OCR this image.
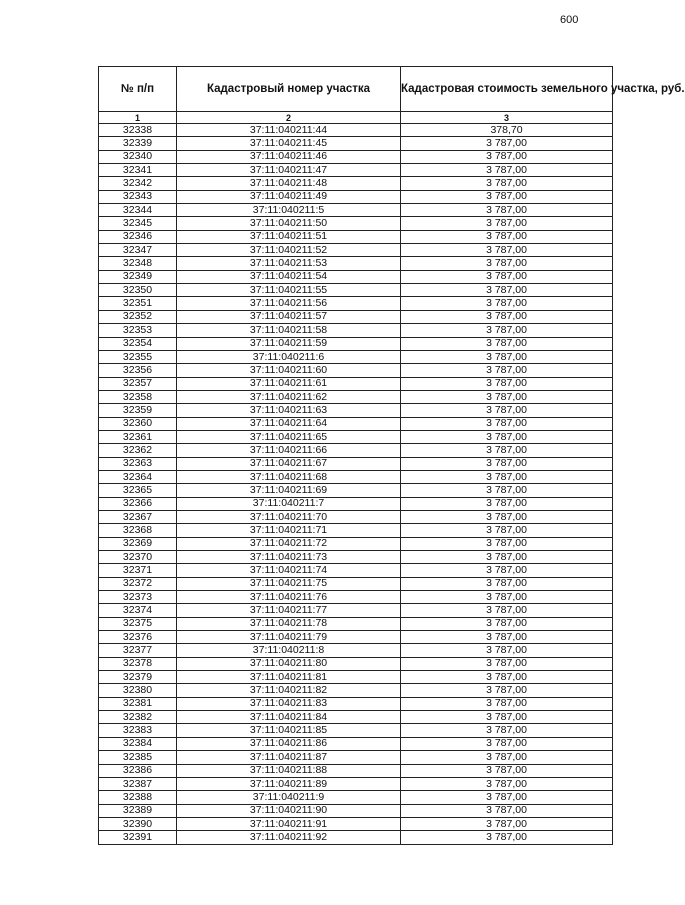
600
№ п/п	Кадастровый номер участка	Кадастровая стоимость земельного участка, руб.
1	2	3
32338	37:11:040211:44	378,70
32339	37:11:040211:45	3 787,00
32340	37:11:040211:46	3 787,00
32341	37:11:040211:47	3 787,00
32342	37:11:040211:48	3 787,00
32343	37:11:040211:49	3 787,00
32344	37:11:040211:5	3 787,00
32345	37:11:040211:50	3 787,00
32346	37:11:040211:51	3 787,00
32347	37:11:040211:52	3 787,00
32348	37:11:040211:53	3 787,00
32349	37:11:040211:54	3 787,00
32350	37:11:040211:55	3 787,00
32351	37:11:040211:56	3 787,00
32352	37:11:040211:57	3 787,00
32353	37:11:040211:58	3 787,00
32354	37:11:040211:59	3 787,00
32355	37:11:040211:6	3 787,00
32356	37:11:040211:60	3 787,00
32357	37:11:040211:61	3 787,00
32358	37:11:040211:62	3 787,00
32359	37:11:040211:63	3 787,00
32360	37:11:040211:64	3 787,00
32361	37:11:040211:65	3 787,00
32362	37:11:040211:66	3 787,00
32363	37:11:040211:67	3 787,00
32364	37:11:040211:68	3 787,00
32365	37:11:040211:69	3 787,00
32366	37:11:040211:7	3 787,00
32367	37:11:040211:70	3 787,00
32368	37:11:040211:71	3 787,00
32369	37:11:040211:72	3 787,00
32370	37:11:040211:73	3 787,00
32371	37:11:040211:74	3 787,00
32372	37:11:040211:75	3 787,00
32373	37:11:040211:76	3 787,00
32374	37:11:040211:77	3 787,00
32375	37:11:040211:78	3 787,00
32376	37:11:040211:79	3 787,00
32377	37:11:040211:8	3 787,00
32378	37:11:040211:80	3 787,00
32379	37:11:040211:81	3 787,00
32380	37:11:040211:82	3 787,00
32381	37:11:040211:83	3 787,00
32382	37:11:040211:84	3 787,00
32383	37:11:040211:85	3 787,00
32384	37:11:040211:86	3 787,00
32385	37:11:040211:87	3 787,00
32386	37:11:040211:88	3 787,00
32387	37:11:040211:89	3 787,00
32388	37:11:040211:9	3 787,00
32389	37:11:040211:90	3 787,00
32390	37:11:040211:91	3 787,00
32391	37:11:040211:92	3 787,00
